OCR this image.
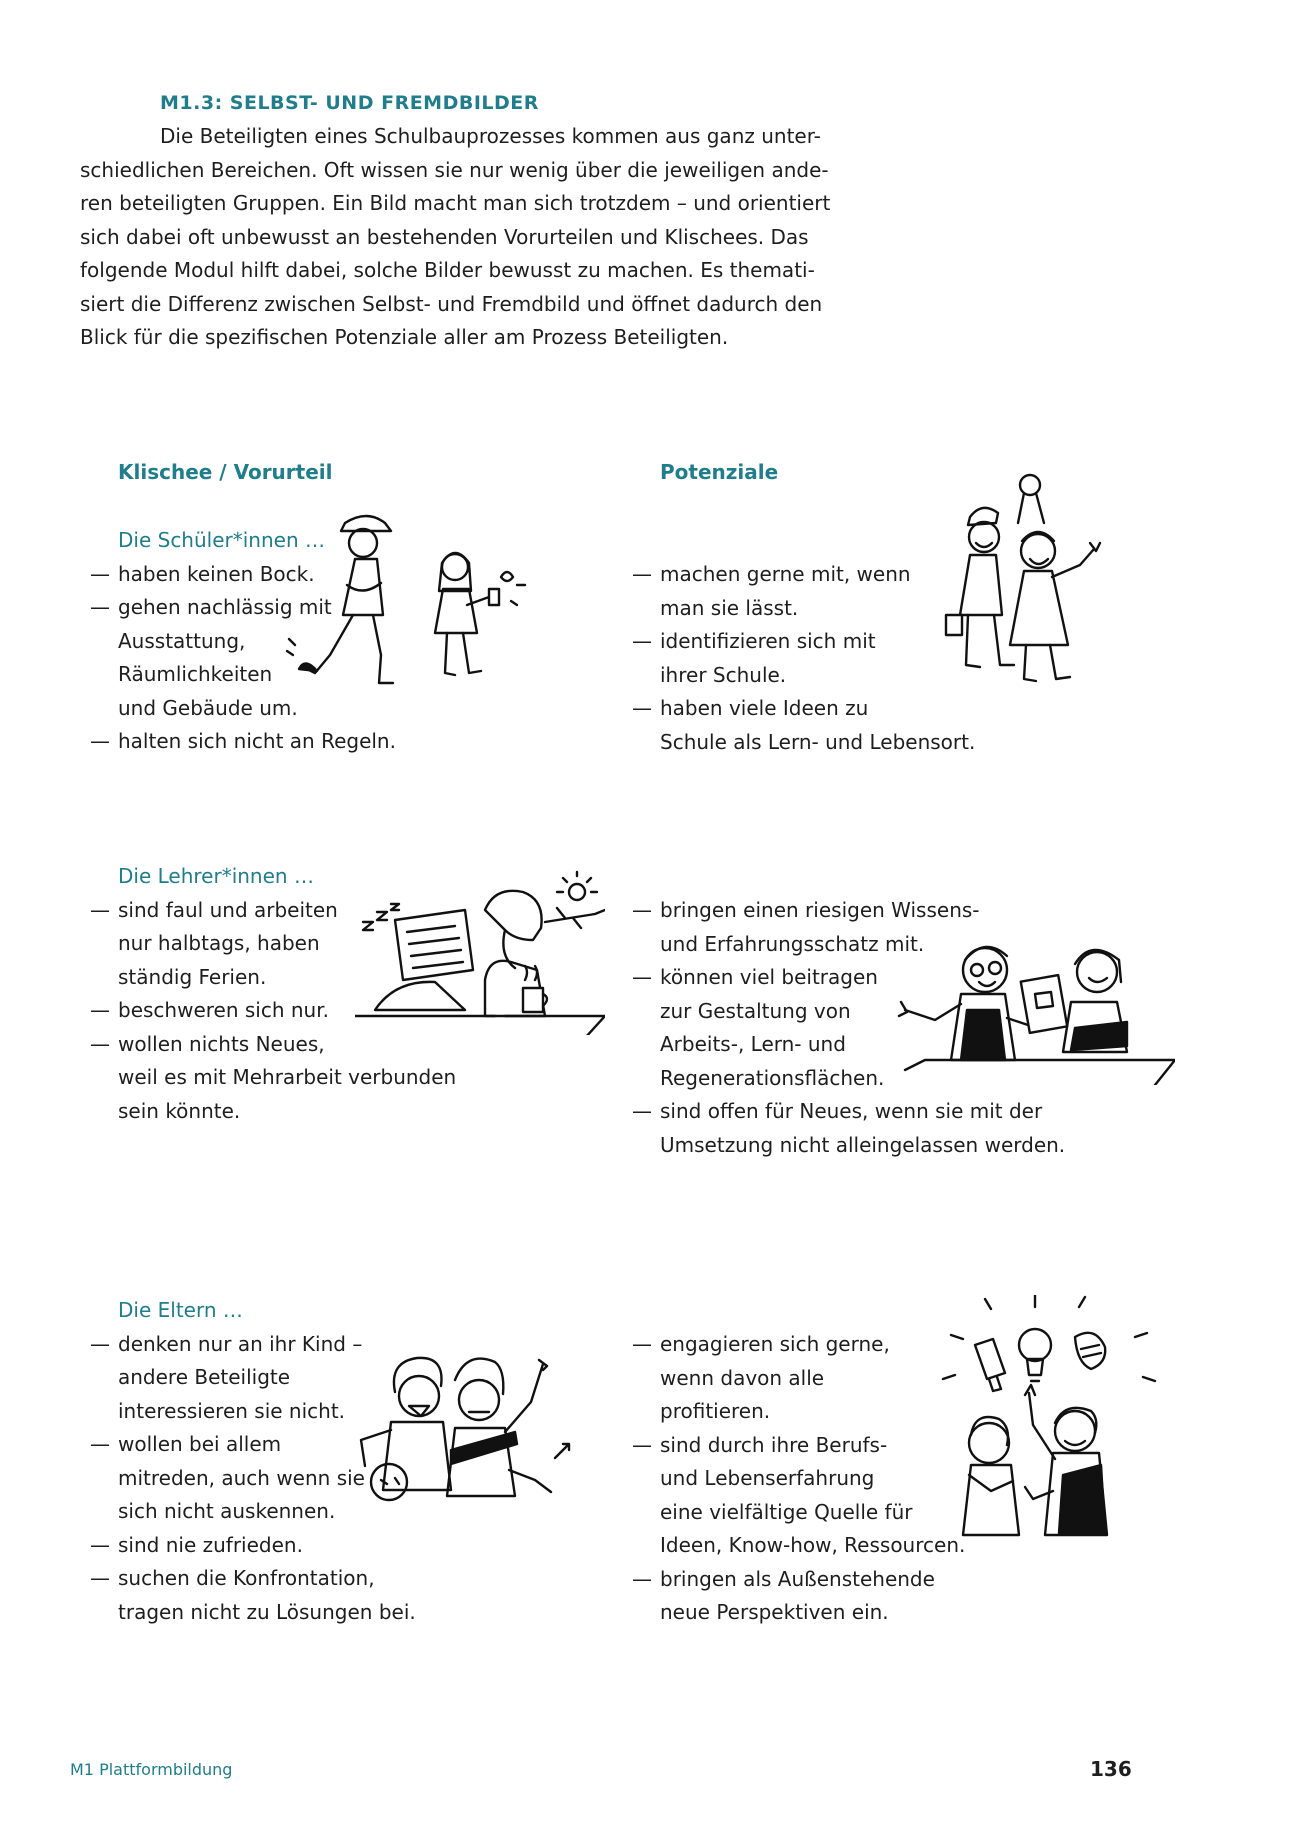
M1.3: SELBST- UND FREMDBILDER
Die Beteiligten eines Schulbauprozesses kommen aus ganz unter-
schiedlichen Bereichen. Oft wissen sie nur wenig über die jeweiligen ande-
ren beteiligten Gruppen. Ein Bild macht man sich trotzdem – und orientiert
sich dabei oft unbewusst an bestehenden Vorurteilen und Klischees. Das
folgende Modul hilft dabei, solche Bilder bewusst zu machen. Es themati-
siert die Differenz zwischen Selbst- und Fremdbild und öffnet dadurch den
Blick für die spezifischen Potenziale aller am Prozess Beteiligten.
Klischee / Vorurteil	Potenziale
Die Schüler*innen …
— haben keinen Bock.
— gehen nachlässig mit
Ausstattung,
Räumlichkeiten
und Gebäude um.
— halten sich nicht an Regeln.
— machen gerne mit, wenn
man sie lässt.
— identifizieren sich mit
ihrer Schule.
— haben viele Ideen zu
Schule als Lern- und Lebensort.
Die Lehrer*innen …
— sind faul und arbeiten
nur halbtags, haben
ständig Ferien.
— beschweren sich nur.
— wollen nichts Neues,
weil es mit Mehrarbeit verbunden
sein könnte.
— bringen einen riesigen Wissens-
und Erfahrungsschatz mit.
— können viel beitragen
zur Gestaltung von
Arbeits-, Lern- und
Regenerationsflächen.
— sind offen für Neues, wenn sie mit der
Umsetzung nicht alleingelassen werden.
Die Eltern …
— denken nur an ihr Kind –
andere Beteiligte
interessieren sie nicht.
— wollen bei allem
mitreden, auch wenn sie
sich nicht auskennen.
— sind nie zufrieden.
— suchen die Konfrontation,
tragen nicht zu Lösungen bei.
— engagieren sich gerne,
wenn davon alle
profitieren.
— sind durch ihre Berufs-
und Lebenserfahrung
eine vielfältige Quelle für
Ideen, Know-how, Ressourcen.
— bringen als Außenstehende
neue Perspektiven ein.
M1 Plattformbildung	136
